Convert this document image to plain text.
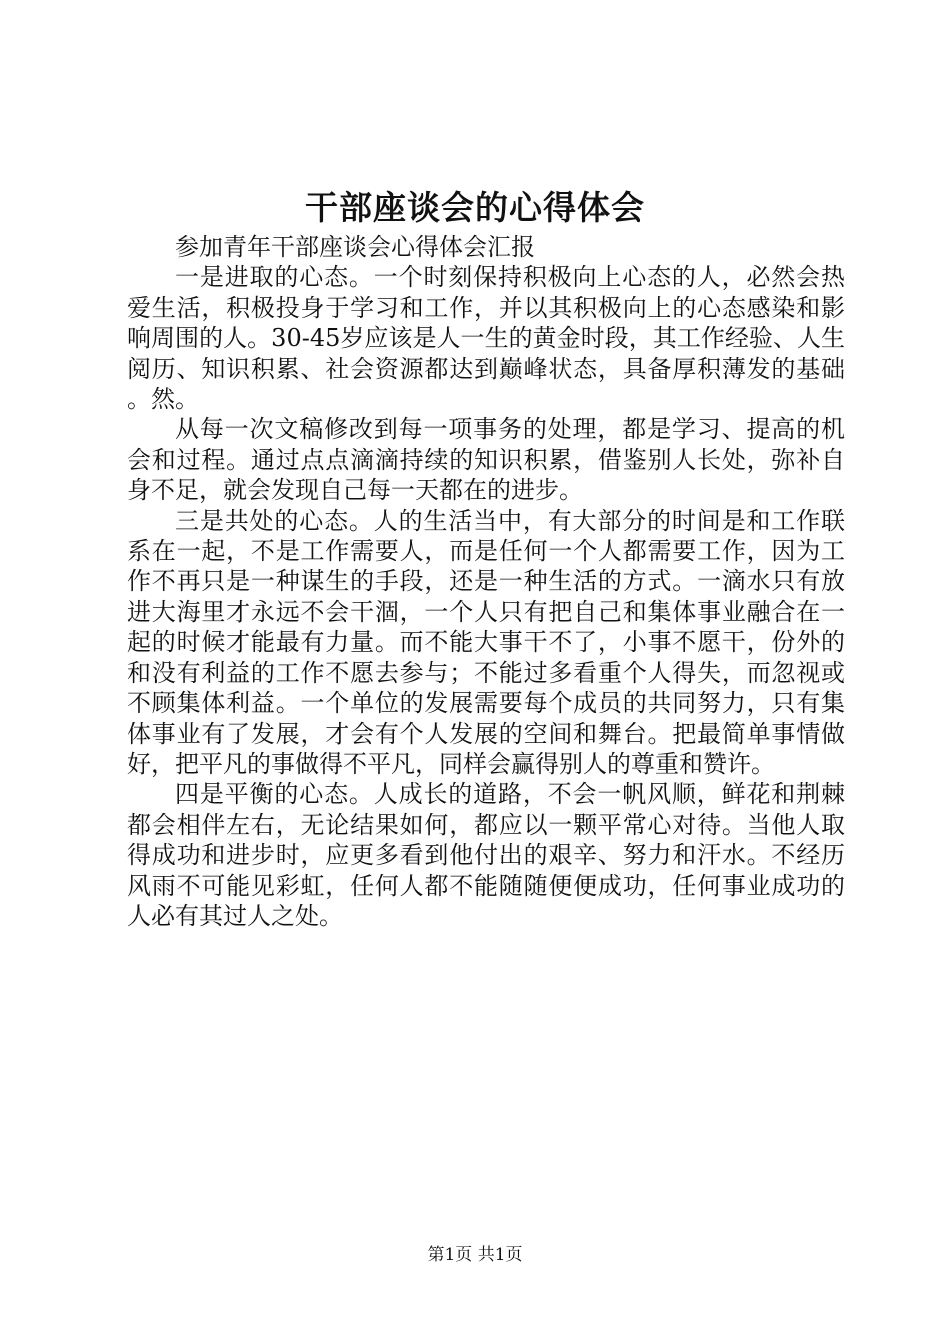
干部座谈会的心得体会

参加青年干部座谈会心得体会汇报

一是进取的心态。一个时刻保持积极向上心态的人，必然会热爱生活，积极投身于学习和工作，并以其积极向上的心态感染和影响周围的人。30-45岁应该是人一生的黄金时段，其工作经验、人生阅历、知识积累、社会资源都达到巅峰状态，具备厚积薄发的基础。然。

从每一次文稿修改到每一项事务的处理，都是学习、提高的机会和过程。通过点点滴滴持续的知识积累，借鉴别人长处，弥补自身不足，就会发现自己每一天都在的进步。

三是共处的心态。人的生活当中，有大部分的时间是和工作联系在一起，不是工作需要人，而是任何一个人都需要工作，因为工作不再只是一种谋生的手段，还是一种生活的方式。一滴水只有放进大海里才永远不会干涸，一个人只有把自己和集体事业融合在一起的时候才能最有力量。而不能大事干不了，小事不愿干，份外的和没有利益的工作不愿去参与；不能过多看重个人得失，而忽视或不顾集体利益。一个单位的发展需要每个成员的共同努力，只有集体事业有了发展，才会有个人发展的空间和舞台。把最简单事情做好，把平凡的事做得不平凡，同样会赢得别人的尊重和赞许。

四是平衡的心态。人成长的道路，不会一帆风顺，鲜花和荆棘都会相伴左右，无论结果如何，都应以一颗平常心对待。当他人取得成功和进步时，应更多看到他付出的艰辛、努力和汗水。不经历风雨不可能见彩虹，任何人都不能随随便便成功，任何事业成功的人必有其过人之处。

第1页 共1页
